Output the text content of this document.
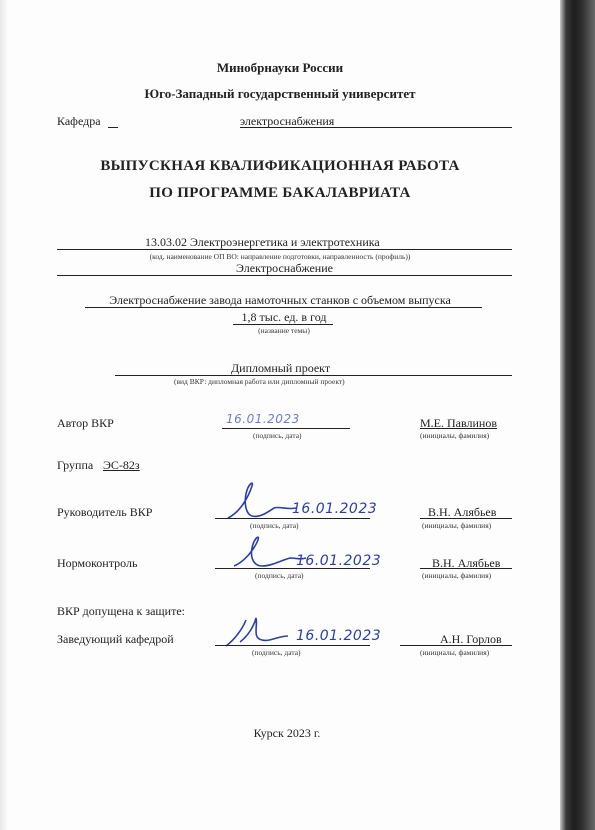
Минобрнауки России
Юго-Западный государственный университет
Кафедра	электроснабжения
ВЫПУСКНАЯ КВАЛИФИКАЦИОННАЯ РАБОТА
ПО ПРОГРАММЕ БАКАЛАВРИАТА
13.03.02 Электроэнергетика и электротехника
(код, наименование ОП ВО: направление подготовки, направленность (профиль))
Электроснабжение
Электроснабжение завода намоточных станков с объемом выпуска
1,8 тыс. ед. в год
(название темы)
Дипломный проект
(вид ВКР: дипломная работа или дипломный проект)
Автор ВКР	16.01.2023
(подпись, дата)
М.Е. Павлинов
(инициалы, фамилия)
Группа ЭС-82з
Руководитель ВКР	16.01.2023
(подпись, дата)
В.Н. Алябьев
(инициалы, фамилия)
Нормоконтроль	16.01.2023
(подпись, дата)
В.Н. Алябьев
(инициалы, фамилия)
ВКР допущена к защите:
Заведующий кафедрой	16.01.2023
(подпись, дата)
А.Н. Горлов
(инициалы, фамилия)
Курск 2023 г.
